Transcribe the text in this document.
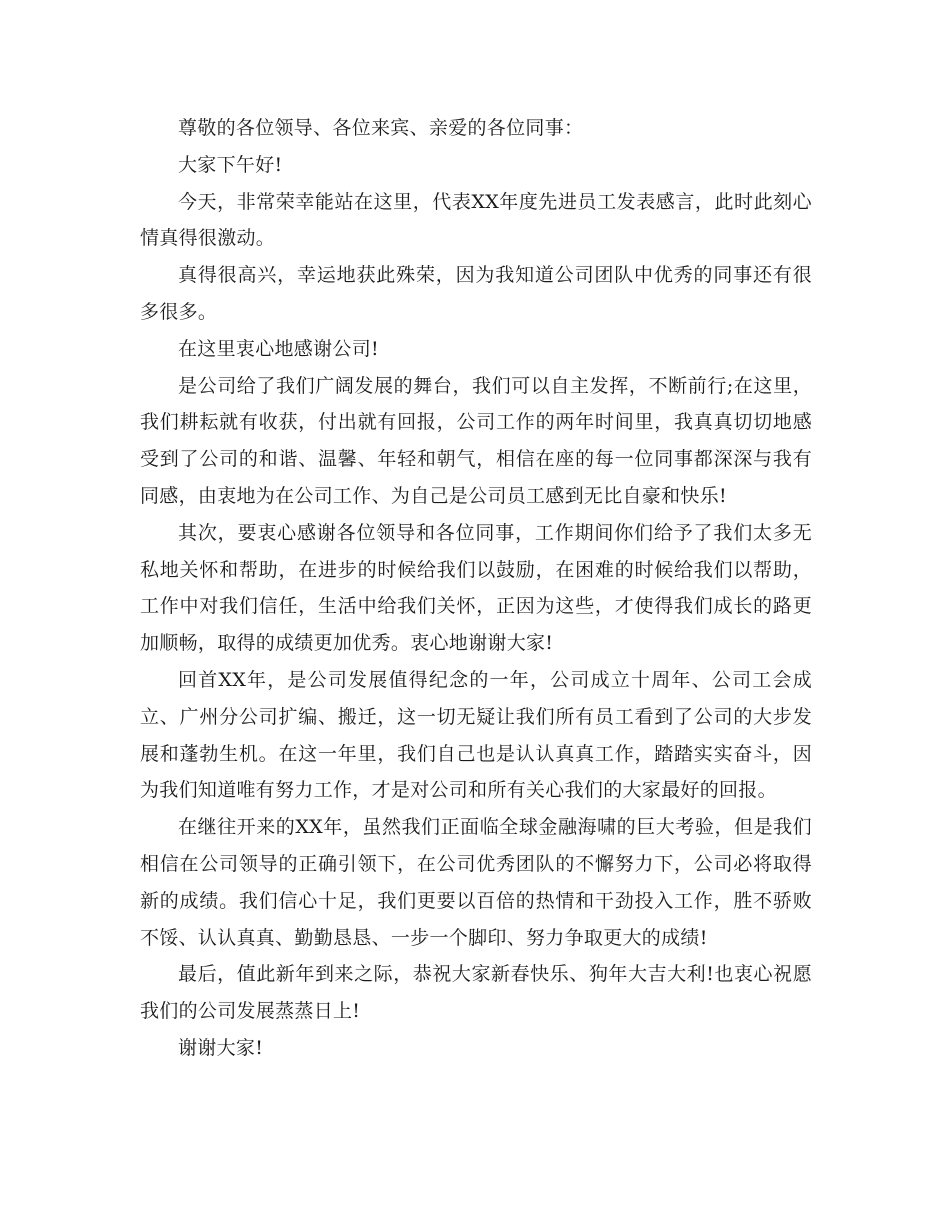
尊敬的各位领导、各位来宾、亲爱的各位同事：

大家下午好!

今天，非常荣幸能站在这里，代表XX年度先进员工发表感言，此时此刻心情真得很激动。

真得很高兴，幸运地获此殊荣，因为我知道公司团队中优秀的同事还有很多很多。

在这里衷心地感谢公司!

是公司给了我们广阔发展的舞台，我们可以自主发挥，不断前行;在这里，我们耕耘就有收获，付出就有回报，公司工作的两年时间里，我真真切切地感受到了公司的和谐、温馨、年轻和朝气，相信在座的每一位同事都深深与我有同感，由衷地为在公司工作、为自己是公司员工感到无比自豪和快乐!

其次，要衷心感谢各位领导和各位同事，工作期间你们给予了我们太多无私地关怀和帮助，在进步的时候给我们以鼓励，在困难的时候给我们以帮助，工作中对我们信任，生活中给我们关怀，正因为这些，才使得我们成长的路更加顺畅，取得的成绩更加优秀。衷心地谢谢大家!

回首XX年，是公司发展值得纪念的一年，公司成立十周年、公司工会成立、广州分公司扩编、搬迁，这一切无疑让我们所有员工看到了公司的大步发展和蓬勃生机。在这一年里，我们自己也是认认真真工作，踏踏实实奋斗，因为我们知道唯有努力工作，才是对公司和所有关心我们的大家最好的回报。

在继往开来的XX年，虽然我们正面临全球金融海啸的巨大考验，但是我们相信在公司领导的正确引领下，在公司优秀团队的不懈努力下，公司必将取得新的成绩。我们信心十足，我们更要以百倍的热情和干劲投入工作，胜不骄败不馁、认认真真、勤勤恳恳、一步一个脚印、努力争取更大的成绩!

最后，值此新年到来之际，恭祝大家新春快乐、狗年大吉大利!也衷心祝愿我们的公司发展蒸蒸日上!

谢谢大家!
